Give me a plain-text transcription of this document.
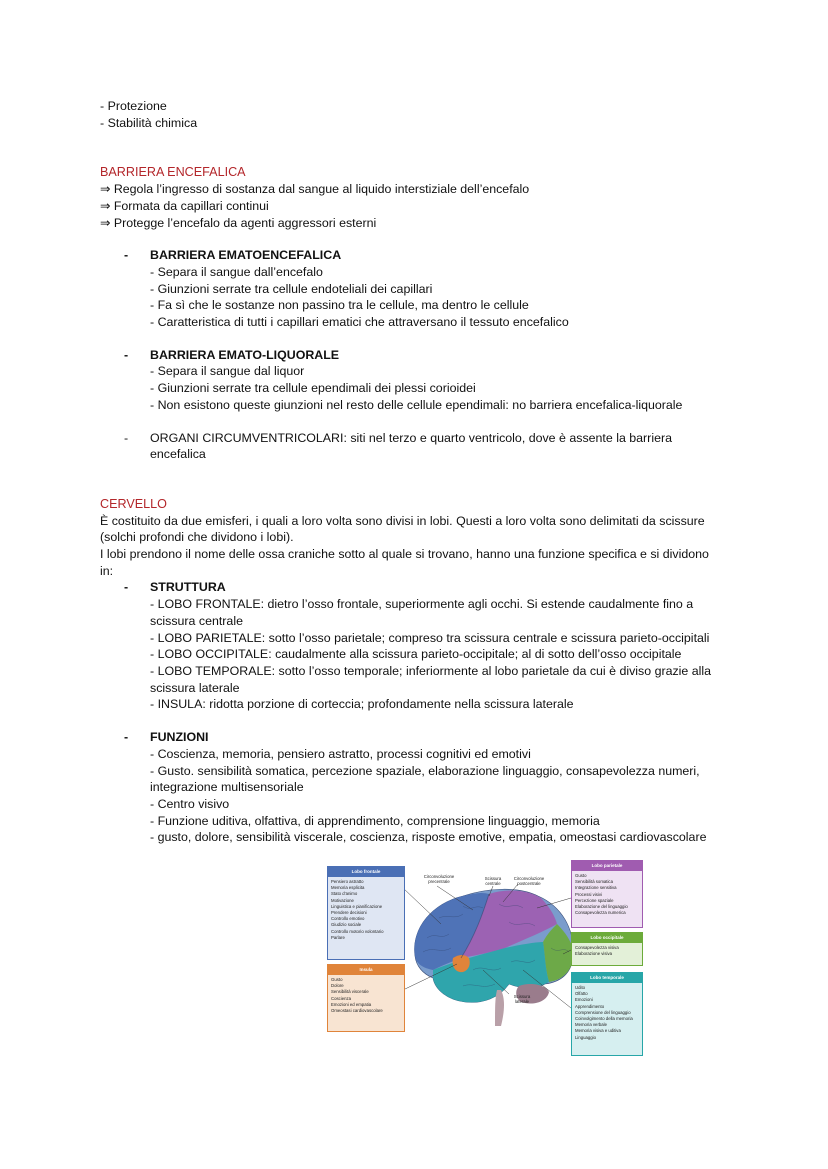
- Protezione
- Stabilità chimica
BARRIERA ENCEFALICA
⇒ Regola l’ingresso di sostanza dal sangue al liquido interstiziale dell’encefalo
⇒ Formata da capillari continui
⇒ Protegge l’encefalo da agenti aggressori esterni
- BARRIERA EMATOENCEFALICA
- Separa il sangue dall’encefalo
- Giunzioni serrate tra cellule endoteliali dei capillari
- Fa sì che le sostanze non passino tra le cellule, ma dentro le cellule
- Caratteristica di tutti i capillari ematici che attraversano il tessuto encefalico
- BARRIERA EMATO-LIQUORALE
- Separa il sangue dal liquor
- Giunzioni serrate tra cellule ependimali dei plessi corioidei
- Non esistono queste giunzioni nel resto delle cellule ependimali: no barriera encefalica-liquorale
- ORGANI CIRCUMVENTRICOLARI: siti nel terzo e quarto ventricolo, dove è assente la barriera
encefalica
CERVELLO
È costituito da due emisferi, i quali a loro volta sono divisi in lobi. Questi a loro volta sono delimitati da scissure
(solchi profondi che dividono i lobi).
I lobi prendono il nome delle ossa craniche sotto al quale si trovano, hanno una funzione specifica e si dividono
in:
- STRUTTURA
- LOBO FRONTALE: dietro l’osso frontale, superiormente agli occhi. Si estende caudalmente fino a
scissura centrale
- LOBO PARIETALE: sotto l’osso parietale; compreso tra scissura centrale e scissura parieto-occipitali
- LOBO OCCIPITALE: caudalmente alla scissura parieto-occipitale; al di sotto dell’osso occipitale
- LOBO TEMPORALE: sotto l’osso temporale; inferiormente al lobo parietale da cui è diviso grazie alla
scissura laterale
- INSULA: ridotta porzione di corteccia; profondamente nella scissura laterale
- FUNZIONI
- Coscienza, memoria, pensiero astratto, processi cognitivi ed emotivi
- Gusto. sensibilità somatica, percezione spaziale, elaborazione linguaggio, consapevolezza numeri,
integrazione multisensoriale
- Centro visivo
- Funzione uditiva, olfattiva, di apprendimento, comprensione linguaggio, memoria
- gusto, dolore, sensibilità viscerale, coscienza, risposte emotive, empatia, omeostasi cardiovascolare
Lobo frontale
Pensiero astratto
Memoria esplicita
Stato d’animo
Motivazione
Linguistica e pianificazione
Prendere decisioni
Controllo emotivo
Giudizio sociale
Controllo motorio volontario
Parlare
Insula
Gusto
Dolore
Sensibilità viscerale
Coscienza
Emozioni ed empatia
Omeostasi cardiovascolare
Lobo parietale
Gusto
Sensibilità somatica
Integrazione sensitiva
Processi visivi
Percezione spaziale
Elaborazione del linguaggio
Consapevolezza numerica
Lobo occipitale
Consapevolezza visiva
Elaborazione visiva
Lobo temporale
Udito
Olfatto
Emozioni
Apprendimento
Comprensione del linguaggio
Coinvolgimento della memoria
Memoria verbale
Memoria visiva e uditiva
Linguaggio
Circonvoluzione precentrale
Scissura centrale
Circonvoluzione postcentrale
Scissura laterale
